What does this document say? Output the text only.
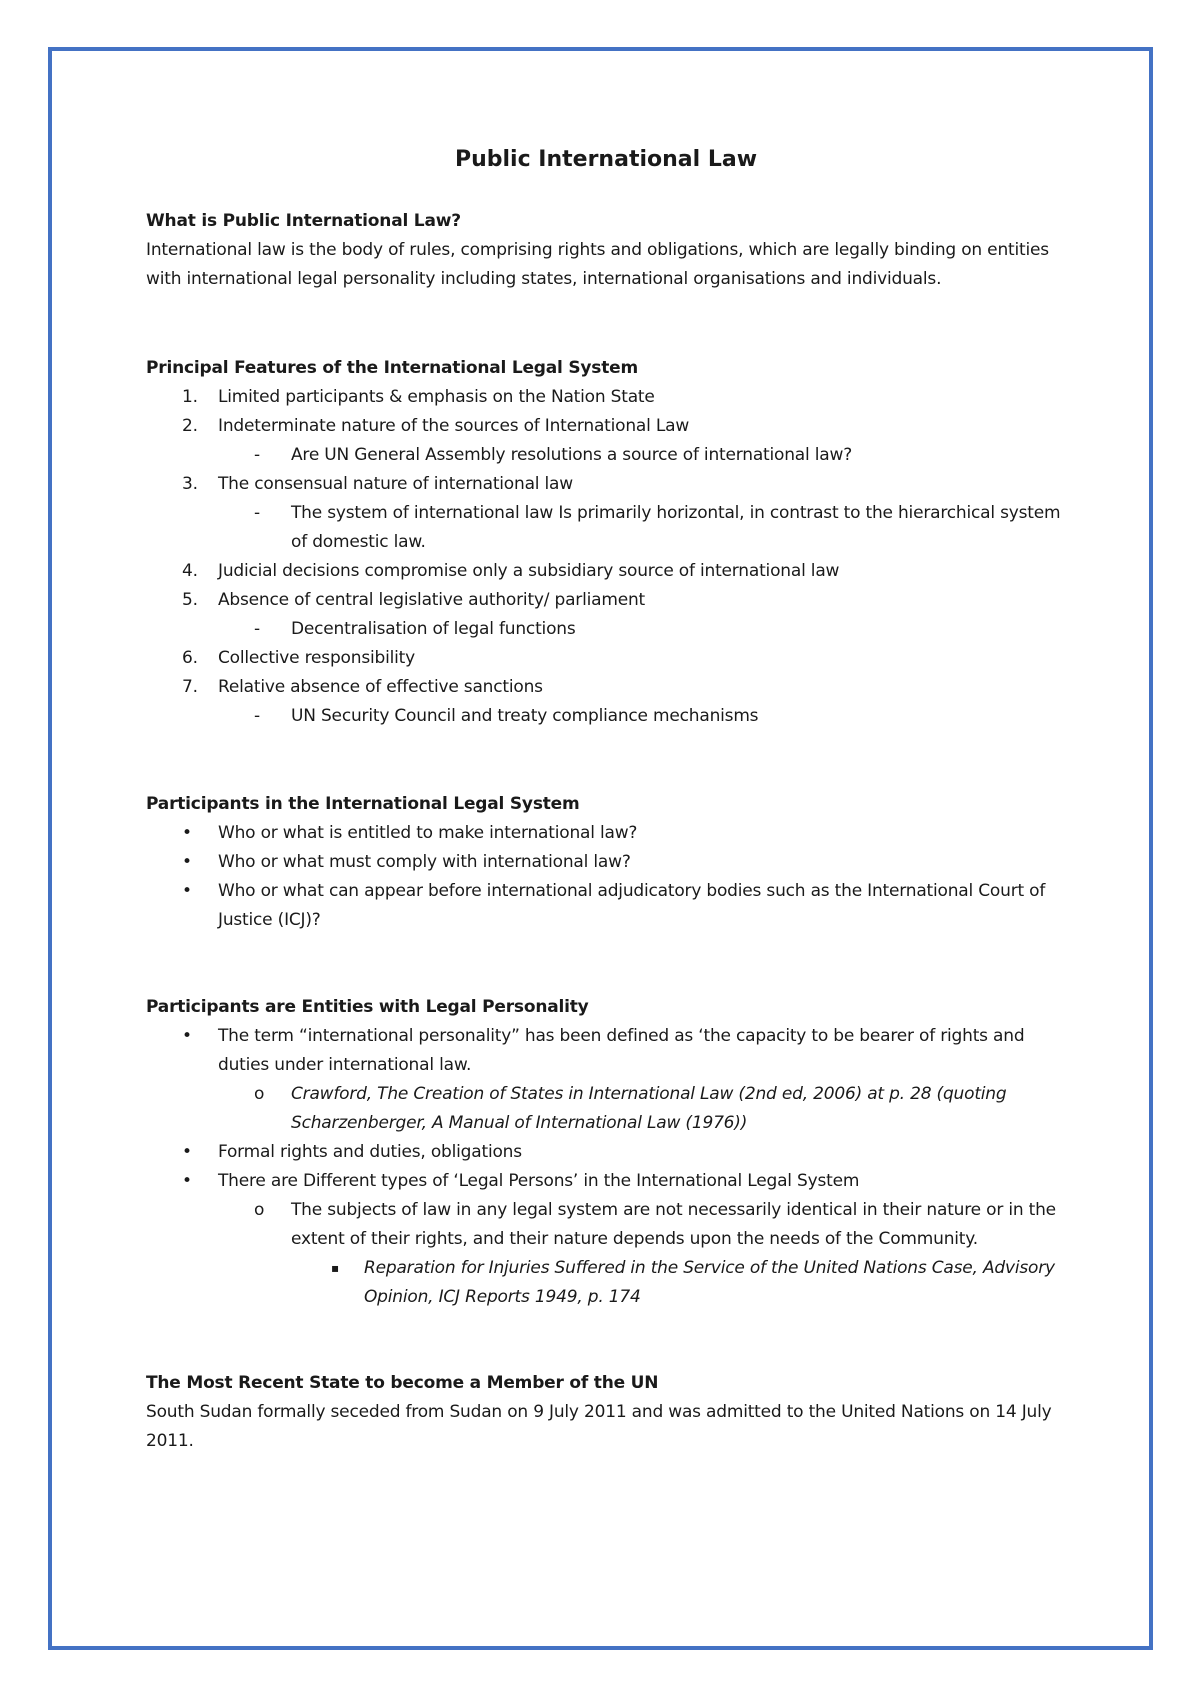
Public International Law

What is Public International Law?

International law is the body of rules, comprising rights and obligations, which are legally binding on entities with international legal personality including states, international organisations and individuals.

Principal Features of the International Legal System

1. Limited participants & emphasis on the Nation State
2. Indeterminate nature of the sources of International Law
- Are UN General Assembly resolutions a source of international law?
3. The consensual nature of international law
- The system of international law Is primarily horizontal, in contrast to the hierarchical system of domestic law.
4. Judicial decisions compromise only a subsidiary source of international law
5. Absence of central legislative authority/ parliament
- Decentralisation of legal functions
6. Collective responsibility
7. Relative absence of effective sanctions
- UN Security Council and treaty compliance mechanisms

Participants in the International Legal System

• Who or what is entitled to make international law?
• Who or what must comply with international law?
• Who or what can appear before international adjudicatory bodies such as the International Court of Justice (ICJ)?

Participants are Entities with Legal Personality

• The term “international personality” has been defined as ‘the capacity to be bearer of rights and duties under international law.
o Crawford, The Creation of States in International Law (2nd ed, 2006) at p. 28 (quoting Scharzenberger, A Manual of International Law (1976))
• Formal rights and duties, obligations
• There are Different types of ‘Legal Persons’ in the International Legal System
o The subjects of law in any legal system are not necessarily identical in their nature or in the extent of their rights, and their nature depends upon the needs of the Community.
▪ Reparation for Injuries Suffered in the Service of the United Nations Case, Advisory Opinion, ICJ Reports 1949, p. 174

The Most Recent State to become a Member of the UN

South Sudan formally seceded from Sudan on 9 July 2011 and was admitted to the United Nations on 14 July 2011.
